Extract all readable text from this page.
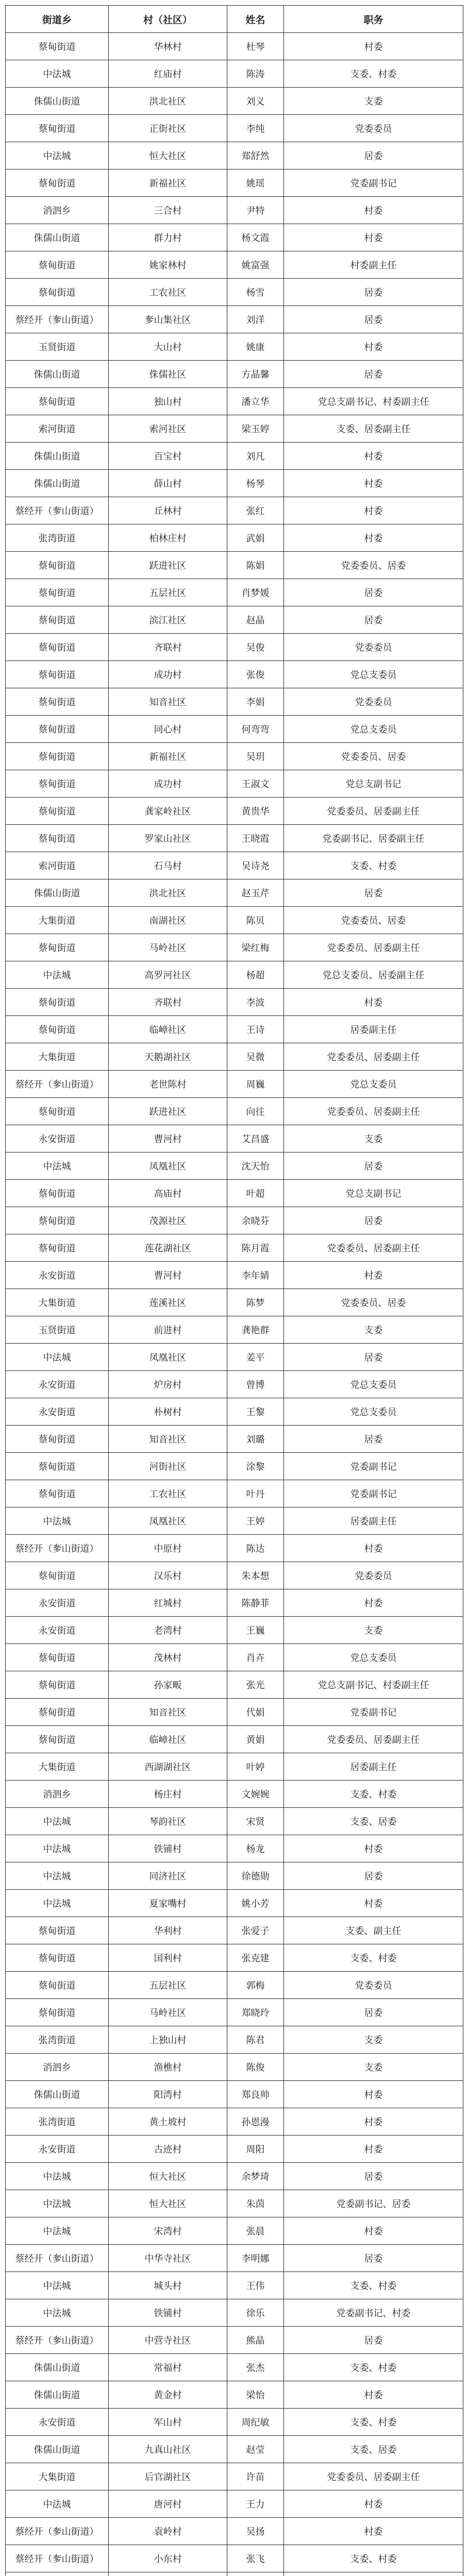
街道乡	村（社区）	姓名	职务
蔡甸街道	华林村	杜琴	村委
中法城	红庙村	陈涛	支委、村委
侏儒山街道	洪北社区	刘义	支委
蔡甸街道	正街社区	李纯	党委委员
中法城	恒大社区	郑舒然	居委
蔡甸街道	新福社区	姚瑶	党委副书记
消泗乡	三合村	尹特	村委
侏儒山街道	群力村	杨文霞	村委
蔡甸街道	姚家林村	姚富强	村委副主任
蔡甸街道	工农社区	杨雪	居委
蔡经开（奓山街道）	奓山集社区	刘洋	居委
玉贤街道	大山村	姚康	村委
侏儒山街道	侏儒社区	方晶馨	居委
蔡甸街道	独山村	潘立华	党总支副书记、村委副主任
索河街道	索河社区	梁玉婷	支委、居委副主任
侏儒山街道	百宝村	刘凡	村委
侏儒山街道	薛山村	杨琴	村委
蔡经开（奓山街道）	丘林村	张红	村委
张湾街道	柏林庄村	武娟	村委
蔡甸街道	跃进社区	陈娟	党委委员、居委
蔡甸街道	五层社区	肖梦媛	居委
蔡甸街道	滨江社区	赵晶	居委
蔡甸街道	齐联村	吴俊	党委委员
蔡甸街道	成功村	张俊	党总支委员
蔡甸街道	知音社区	李娟	党委委员
蔡甸街道	同心村	何弯弯	党总支委员
蔡甸街道	新福社区	吴玥	党委委员、居委
蔡甸街道	成功村	王淑文	党总支副书记
蔡甸街道	龚家岭社区	黄贵华	党委委员、居委副主任
蔡甸街道	罗家山社区	王晓霞	党委副书记、居委副主任
索河街道	石马村	吴诗尧	支委、村委
侏儒山街道	洪北社区	赵玉芹	居委
大集街道	南湖社区	陈贝	党委委员、居委
蔡甸街道	马岭社区	梁红梅	党委委员、居委副主任
中法城	高罗河社区	杨超	党总支委员、居委副主任
蔡甸街道	齐联村	李波	村委
蔡甸街道	临嶂社区	王诗	居委副主任
大集街道	天鹅湖社区	吴微	党委委员、居委副主任
蔡经开（奓山街道）	老世陈村	周巍	党总支委员
蔡甸街道	跃进社区	向往	党委委员、居委副主任
永安街道	曹河村	艾昌盛	支委
中法城	凤凰社区	沈天怡	居委
蔡甸街道	高庙村	叶超	党总支副书记
蔡甸街道	茂源社区	余晓芬	居委
蔡甸街道	莲花湖社区	陈月霞	党委委员、居委副主任
永安街道	曹河村	李年婧	村委
大集街道	莲溪社区	陈梦	党委委员、居委
玉贤街道	前进村	龚艳群	支委
中法城	凤凰社区	姜平	居委
永安街道	炉房村	曾博	党总支委员
永安街道	朴树村	王黎	党总支委员
蔡甸街道	知音社区	刘璐	居委
蔡甸街道	河街社区	涂黎	党委副书记
蔡甸街道	工农社区	叶丹	党委副书记
中法城	凤凰社区	王婷	居委副主任
蔡经开（奓山街道）	中原村	陈达	村委
蔡甸街道	汉乐村	朱本想	党委委员
永安街道	红城村	陈静菲	村委
永安街道	老湾村	王巍	支委
蔡甸街道	茂林村	肖卉	党总支委员
蔡甸街道	孙家畈	张光	党总支副书记、村委副主任
蔡甸街道	知音社区	代娟	党委副书记
蔡甸街道	临嶂社区	黄娟	党委委员、居委副主任
大集街道	西湖湖社区	叶婷	居委副主任
消泗乡	杨庄村	文婉婉	支委、村委
中法城	琴韵社区	宋贤	支委、居委
中法城	铁铺村	杨龙	村委
中法城	同济社区	徐德勋	居委
中法城	夏家嘴村	姚小芳	村委
蔡甸街道	华利村	张爱子	支委、副主任
蔡甸街道	国利村	张克建	支委、村委
蔡甸街道	五层社区	郭梅	党委委员
蔡甸街道	马岭社区	郑晓玲	居委
张湾街道	上独山村	陈君	支委
消泗乡	渔樵村	陈俊	支委
侏儒山街道	阳湾村	郑良帅	村委
张湾街道	黄土坡村	孙恩漫	村委
永安街道	古迹村	周阳	村委
中法城	恒大社区	余梦琦	居委
中法城	恒大社区	朱茵	党委副书记、居委
中法城	宋湾村	张晨	村委
蔡经开（奓山街道）	中华寺社区	李明娜	居委
中法城	城头村	王伟	支委、村委
中法城	铁铺村	徐乐	党委副书记、村委
蔡经开（奓山街道）	中营寺社区	熊晶	居委
侏儒山街道	常福村	张杰	支委、村委
侏儒山街道	黄金村	梁怡	村委
永安街道	军山村	周纪敏	支委、村委
侏儒山街道	九真山社区	赵莹	支委、居委
大集街道	后官湖社区	许苗	党委委员、居委副主任
中法城	唐河村	王力	村委
蔡经开（奓山街道）	袁岭村	吴扬	村委
蔡经开（奓山街道）	小东村	张飞	支委、村委
